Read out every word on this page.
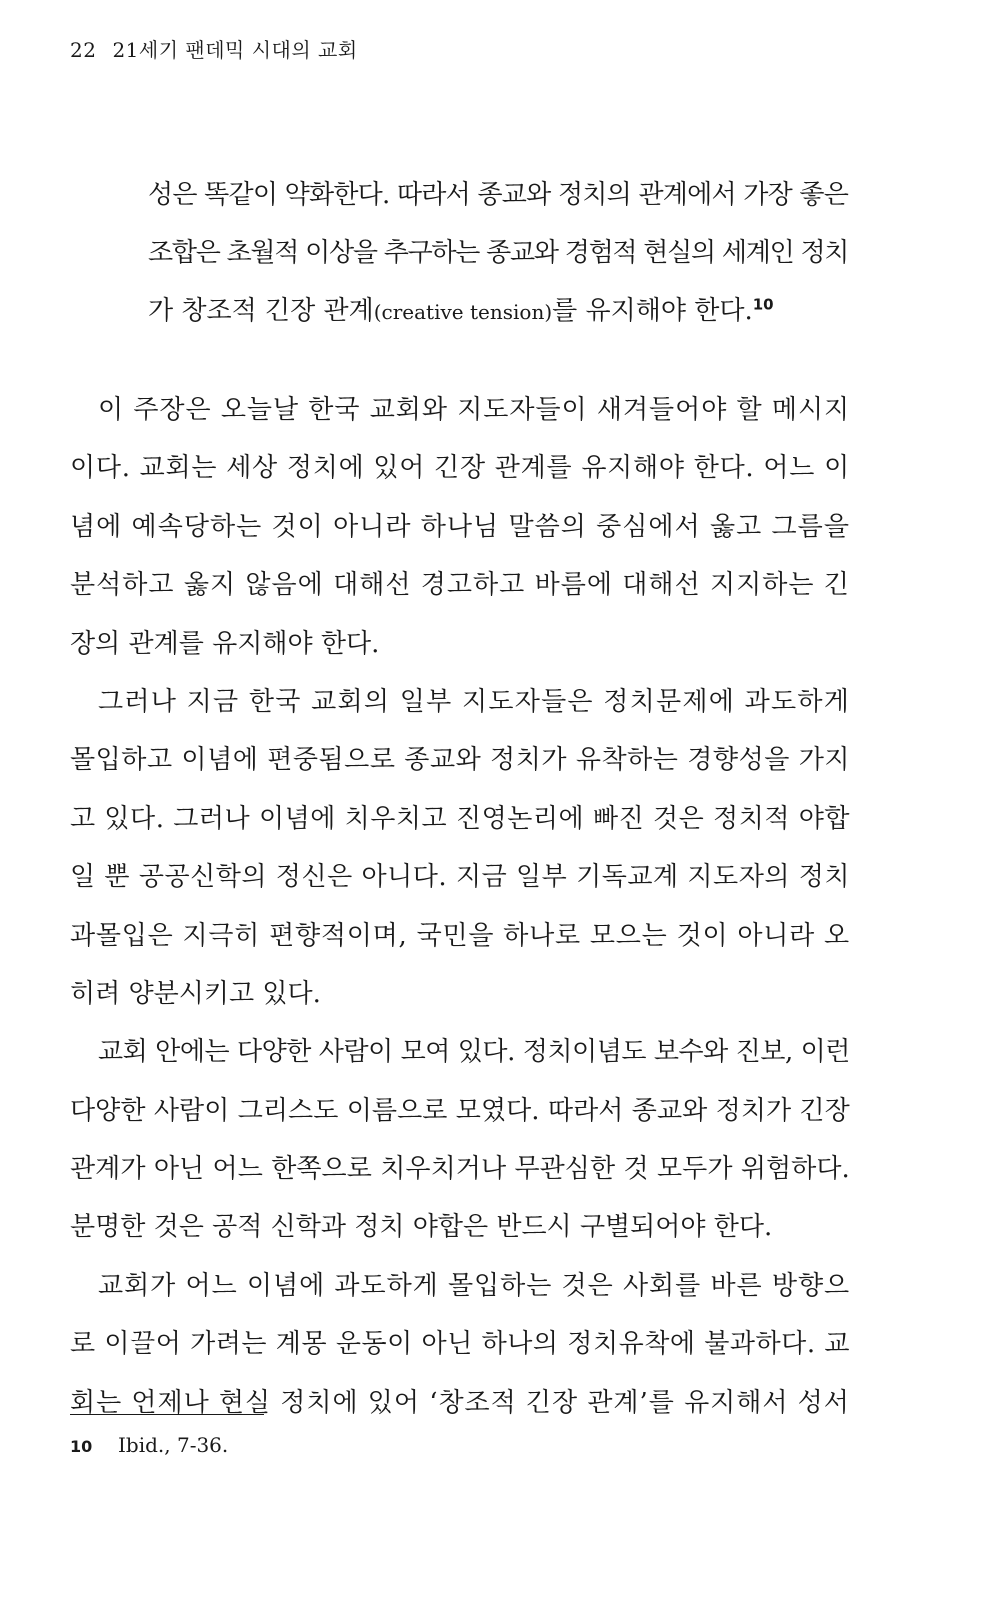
22 21세기 팬데믹 시대의 교회
성은 똑같이 약화한다. 따라서 종교와 정치의 관계에서 가장 좋은
조합은 초월적 이상을 추구하는 종교와 경험적 현실의 세계인 정치
가 창조적 긴장 관계(creative tension)를 유지해야 한다.$^{10}$
이 주장은 오늘날 한국 교회와 지도자들이 새겨들어야 할 메시지
이다. 교회는 세상 정치에 있어 긴장 관계를 유지해야 한다. 어느 이
념에 예속당하는 것이 아니라 하나님 말씀의 중심에서 옳고 그름을
분석하고 옳지 않음에 대해선 경고하고 바름에 대해선 지지하는 긴
장의 관계를 유지해야 한다.
그러나 지금 한국 교회의 일부 지도자들은 정치문제에 과도하게
몰입하고 이념에 편중됨으로 종교와 정치가 유착하는 경향성을 가지
고 있다. 그러나 이념에 치우치고 진영논리에 빠진 것은 정치적 야합
일 뿐 공공신학의 정신은 아니다. 지금 일부 기독교계 지도자의 정치
과몰입은 지극히 편향적이며, 국민을 하나로 모으는 것이 아니라 오
히려 양분시키고 있다.
교회 안에는 다양한 사람이 모여 있다. 정치이념도 보수와 진보, 이런
다양한 사람이 그리스도 이름으로 모였다. 따라서 종교와 정치가 긴장
관계가 아닌 어느 한쪽으로 치우치거나 무관심한 것 모두가 위험하다.
분명한 것은 공적 신학과 정치 야합은 반드시 구별되어야 한다.
교회가 어느 이념에 과도하게 몰입하는 것은 사회를 바른 방향으
로 이끌어 가려는 계몽 운동이 아닌 하나의 정치유착에 불과하다. 교
회는 언제나 현실 정치에 있어 ‘창조적 긴장 관계’를 유지해서 성서
10 Ibid., 7-36.
